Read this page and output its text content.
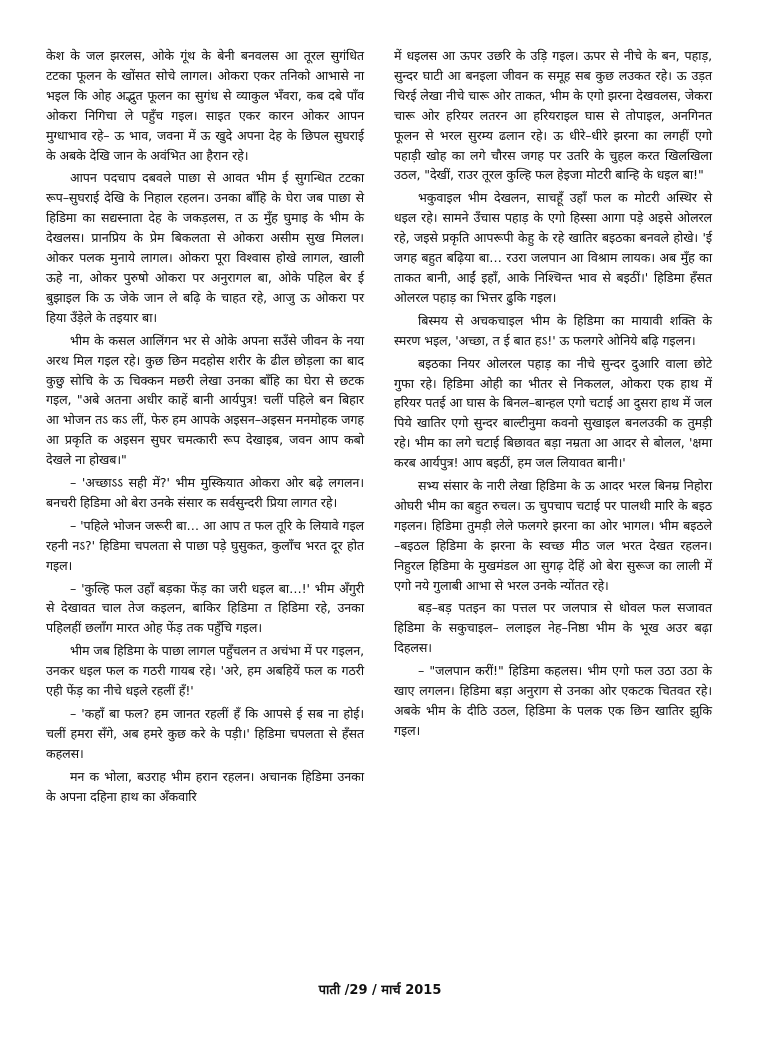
केश के जल झरलस, ओके गूंथ के बेनी बनवलस आ तूरल सुगंधित टटका फूलन के खोंसत सोचे लागल। ओकरा एकर तनिको आभासे ना भइल कि ओह अद्भुत फूलन का सुगंध से व्याकुल भँवरा, कब दबे पाँव ओकरा निगिचा ले पहुँच गइल। साइत एकर कारन ओकर आपन मुग्धाभाव रहे– ऊ भाव, जवना में ऊ खुदे अपना देह के छिपल सुघराई के अबके देखि जान के अवंभित आ हैरान रहे।

आपन पदचाप दबवले पाछा से आवत भीम ई सुगन्धित टटका रूप–सुघराई देखि के निहाल रहलन। उनका बाँहि के घेरा जब पाछा से हिडिमा का सद्यस्नाता देह के जकड़लस, त ऊ मुँह घुमाइ के भीम के देखलस। प्रानप्रिय के प्रेम बिकलता से ओकरा असीम सुख मिलल। ओकर पलक मुनाये लागल। ओकरा पूरा विश्वास होखे लागल, खाली ऊहे ना, ओकर पुरुषो ओकरा पर अनुरागल बा, ओके पहिल बेर ई बुझाइल कि ऊ जेके जान ले बढ़ि के चाहत रहे, आजु ऊ ओकरा पर हिया उँड़ेले के तइयार बा।

भीम के कसल आलिंगन भर से ओके अपना सउँसे जीवन के नया अरथ मिल गइल रहे। कुछ छिन मदहोस शरीर के ढील छोड़ला का बाद कुछु सोचि के ऊ चिक्कन मछरी लेखा उनका बाँहि का घेरा से छटक गइल, "अबे अतना अधीर काहें बानी आर्यपुत्र! चलीं पहिले बन बिहार आ भोजन तऽ कऽ लीं, फेरु हम आपके अइसन–अइसन मनमोहक जगह आ प्रकृति क अइसन सुघर चमत्कारी रूप देखाइब, जवन आप कबो देखले ना होखब।"

– 'अच्छाऽऽ सही में?' भीम मुस्कियात ओकरा ओर बढ़े लगलन। बनचरी हिडिमा ओ बेरा उनके संसार क सर्वसुन्दरी प्रिया लागत रहे।

– 'पहिले भोजन जरूरी बा… आ आप त फल तूरि के लियावे गइल रहनी नऽ?' हिडिमा चपलता से पाछा पड़े घुसुकत, कुलाँच भरत दूर होत गइल।

– 'कुल्हि फल उहाँ बड़का फेंड़ का जरी धइल बा…!' भीम अँगुरी से देखावत चाल तेज कइलन, बाकिर हिडिमा त हिडिमा रहे, उनका पहिलहीं छलाँग मारत ओह फेंड़ तक पहुँचि गइल।

भीम जब हिडिमा के पाछा लागल पहुँचलन त अचंभा में पर गइलन, उनकर धइल फल क गठरी गायब रहे। 'अरे, हम अबहियें फल क गठरी एही फेंड़ का नीचे धइले रहलीं हँ!'

– 'कहाँ बा फल? हम जानत रहलीं हँ कि आपसे ई सब ना होई। चलीं हमरा सँगे, अब हमरे कुछ करे के पड़ी।' हिडिमा चपलता से हँसत कहलस।

मन क भोला, बउराह भीम हरान रहलन। अचानक हिडिमा उनका के अपना दहिना हाथ का अँकवारि

में धइलस आ ऊपर उछरि के उड़ि गइल। ऊपर से नीचे के बन, पहाड़, सुन्दर घाटी आ बनइला जीवन क समूह सब कुछ लउकत रहे। ऊ उड़त चिरई लेखा नीचे चारू ओर ताकत, भीम के एगो झरना देखवलस, जेकरा चारू ओर हरियर लतरन आ हरियराइल घास से तोपाइल, अनगिनत फूलन से भरल सुरम्य ढलान रहे। ऊ धीरे–धीरे झरना का लगहीं एगो पहाड़ी खोह का लगे चौरस जगह पर उतरि के चुहल करत खिलखिला उठल, "देखीं, राउर तूरल कुल्हि फल हेइजा मोटरी बान्हि के धइल बा!"

भकुवाइल भीम देखलन, साचहूँ उहाँ फल क मोटरी अस्थिर से धइल रहे। सामने उँचास पहाड़ के एगो हिस्सा आगा पड़े अइसे ओलरल रहे, जइसे प्रकृति आपरूपी केहु के रहे खातिर बइठका बनवले होखे। 'ई जगह बहुत बढ़िया बा… रउरा जलपान आ विश्राम लायक। अब मुँह का ताकत बानी, आईं इहाँ, आके निश्चिन्त भाव से बइठीं।' हिडिमा हँसत ओलरल पहाड़ का भित्तर ढुकि गइल।

बिस्मय से अचकचाइल भीम के हिडिमा का मायावी शक्ति के स्मरण भइल, 'अच्छा, त ई बात हऽ!' ऊ फलगरे ओनिये बढ़ि गइलन।

बइठका नियर ओलरल पहाड़ का नीचे सुन्दर दुआरि वाला छोटे गुफा रहे। हिडिमा ओही का भीतर से निकलल, ओकरा एक हाथ में हरियर पतई आ घास के बिनल–बान्हल एगो चटाई आ दुसरा हाथ में जल पिये खातिर एगो सुन्दर बाल्टीनुमा कवनो सुखाइल बनलउकी क तुमड़ी रहे। भीम का लगे चटाई बिछावत बड़ा नम्रता आ आदर से बोलल, 'क्षमा करब आर्यपुत्र! आप बइठीं, हम जल लियावत बानी।'

सभ्य संसार के नारी लेखा हिडिमा के ऊ आदर भरल बिनम्र निहोरा ओघरी भीम का बहुत रुचल। ऊ चुपचाप चटाई पर पालथी मारि के बइठ गइलन। हिडिमा तुमड़ी लेले फलगरे झरना का ओर भागल। भीम बइठले –बइठल हिडिमा के झरना के स्वच्छ मीठ जल भरत देखत रहलन। निहुरल हिडिमा के मुखमंडल आ सुगढ़ देहिं ओ बेरा सुरूज का लाली में एगो नये गुलाबी आभा से भरल उनके न्योंतत रहे।

बड़–बड़ पतइन का पत्तल पर जलपात्र से धोवल फल सजावत हिडिमा के सकुचाइल– ललाइल नेह–निष्ठा भीम के भूख अउर बढ़ा दिहलस।

– "जलपान करीं!" हिडिमा कहलस। भीम एगो फल उठा उठा के खाए लगलन। हिडिमा बड़ा अनुराग से उनका ओर एकटक चितवत रहे। अबके भीम के दीठि उठल, हिडिमा के पलक एक छिन खातिर झुकि गइल।

पाती /29 / मार्च 2015
